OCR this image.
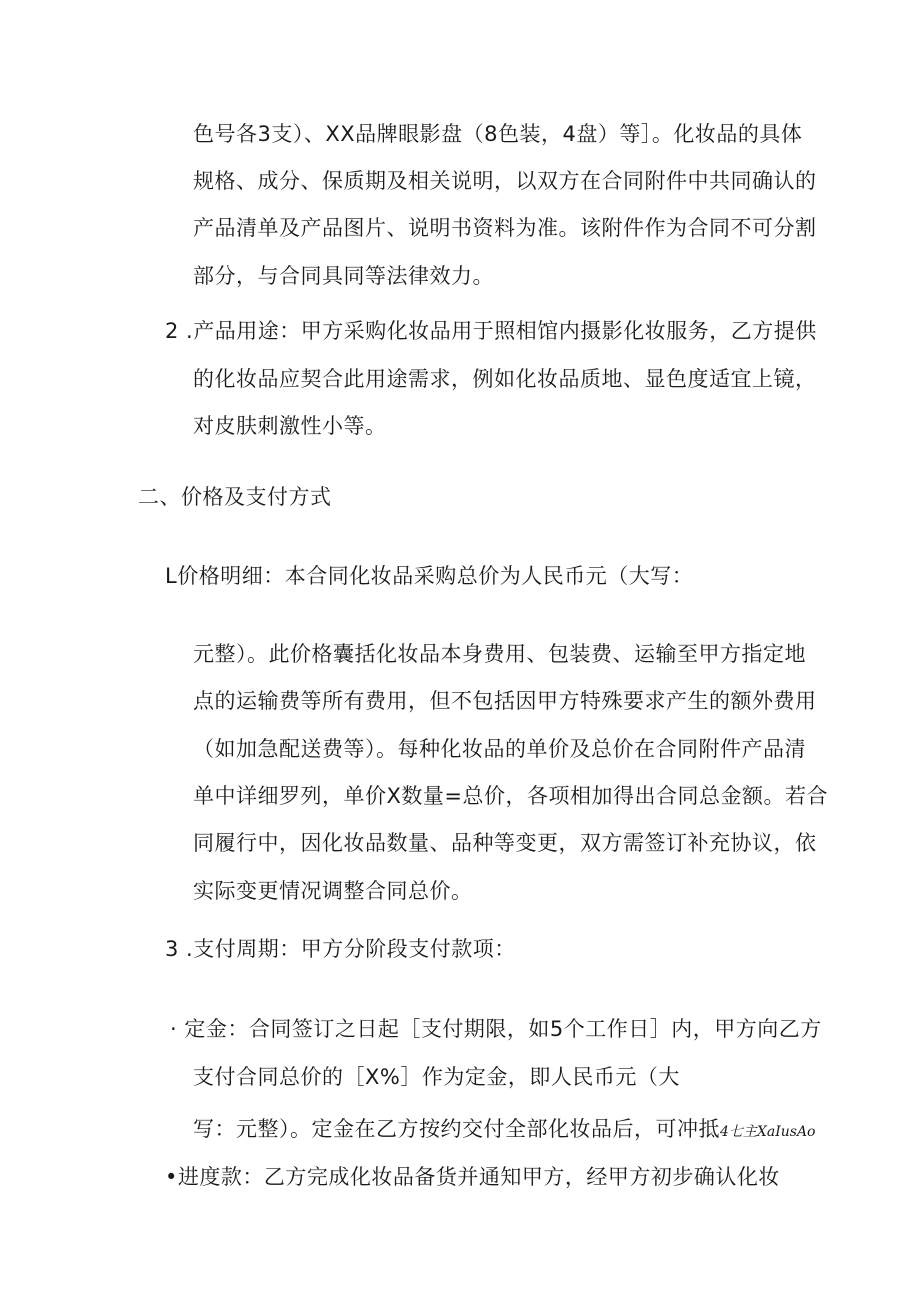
色号各3支）、XX品牌眼影盘（8色装，4盘）等］。化妆品的具体
规格、成分、保质期及相关说明，以双方在合同附件中共同确认的
产品清单及产品图片、说明书资料为准。该附件作为合同不可分割
部分，与合同具同等法律效力。
2 .产品用途：甲方采购化妆品用于照相馆内摄影化妆服务，乙方提供
的化妆品应契合此用途需求，例如化妆品质地、显色度适宜上镜，
对皮肤刺激性小等。
二、价格及支付方式
L价格明细：本合同化妆品采购总价为人民币元（大写：
元整）。此价格囊括化妆品本身费用、包装费、运输至甲方指定地
点的运输费等所有费用，但不包括因甲方特殊要求产生的额外费用
（如加急配送费等）。每种化妆品的单价及总价在合同附件产品清
单中详细罗列，单价X数量=总价，各项相加得出合同总金额。若合
同履行中，因化妆品数量、品种等变更，双方需签订补充协议，依
实际变更情况调整合同总价。
3 .支付周期：甲方分阶段支付款项：
· 定金：合同签订之日起［支付期限，如5个工作日］内，甲方向乙方
支付合同总价的［X%］作为定金，即人民币元（大
写：元整）。定金在乙方按约交付全部化妆品后，可冲抵4七主XaIusAo
•进度款：乙方完成化妆品备货并通知甲方，经甲方初步确认化妆
